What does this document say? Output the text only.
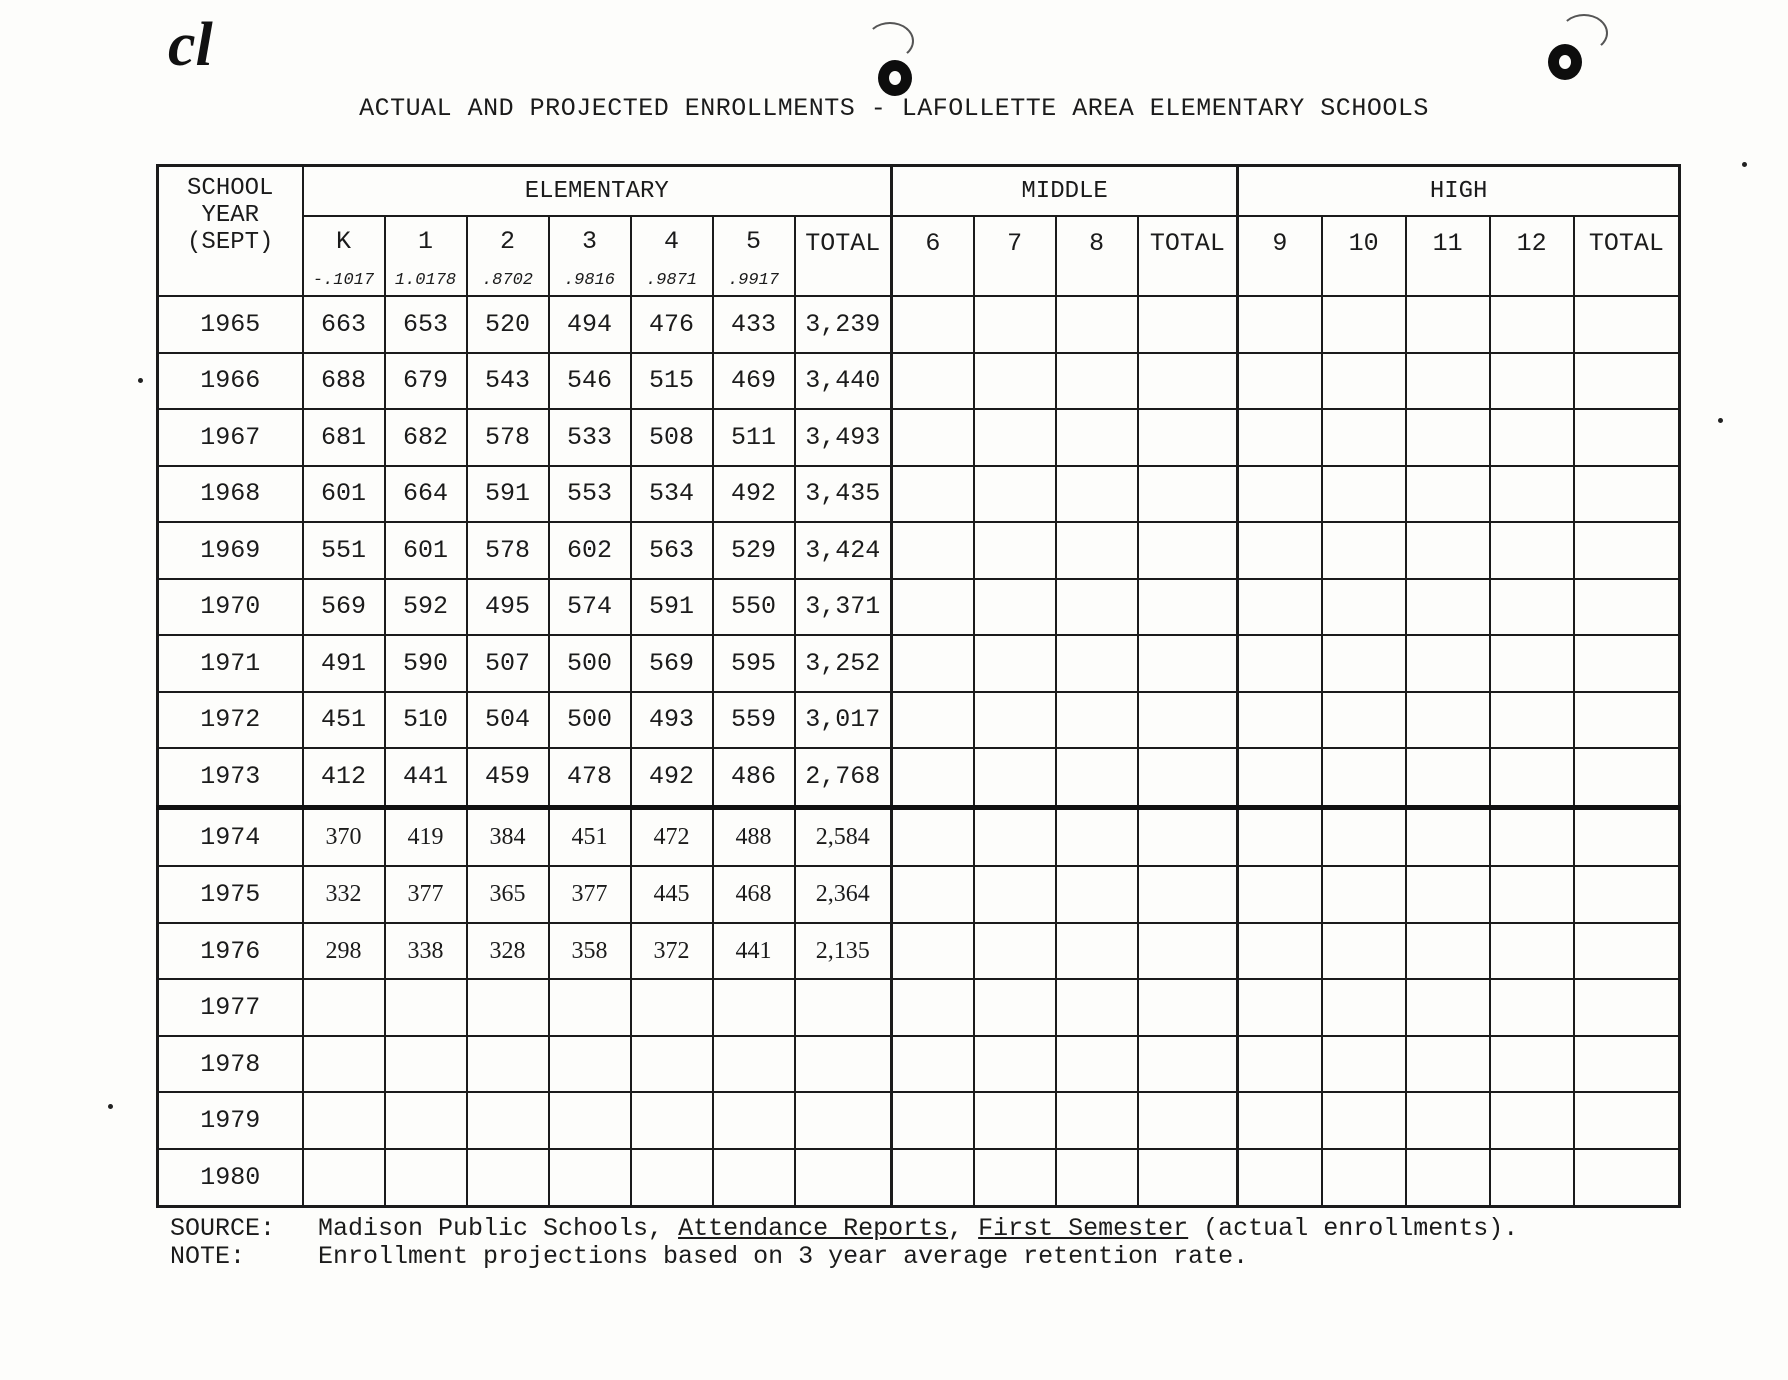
cl
ACTUAL AND PROJECTED ENROLLMENTS - LAFOLLETTE AREA ELEMENTARY SCHOOLS
SCHOOL
YEAR
(SEPT)	ELEMENTARY							MIDDLE				HIGH				
	K	1	2	3	4	5	TOTAL	6	7	8	TOTAL	9	10	11	12	TOTAL
	-.1017	1.0178	.8702	.9816	.9871	.9917										
1965	663	653	520	494	476	433	3,239									
1966	688	679	543	546	515	469	3,440									
1967	681	682	578	533	508	511	3,493									
1968	601	664	591	553	534	492	3,435									
1969	551	601	578	602	563	529	3,424									
1970	569	592	495	574	591	550	3,371									
1971	491	590	507	500	569	595	3,252									
1972	451	510	504	500	493	559	3,017									
1973	412	441	459	478	492	486	2,768									
1974	370	419	384	451	472	488	2,584									
1975	332	377	365	377	445	468	2,364									
1976	298	338	328	358	372	441	2,135									
1977																
1978																
1979																
1980																
SOURCE: Madison Public Schools, Attendance Reports, First Semester (actual enrollments).
NOTE:	Enrollment projections based on 3 year average retention rate.
